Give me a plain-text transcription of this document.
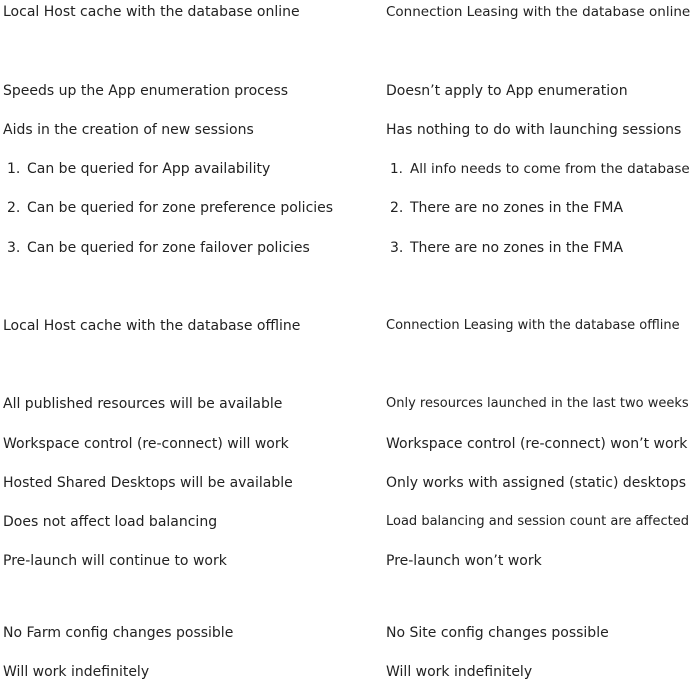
Local Host cache with the database online
Speeds up the App enumeration process
Aids in the creation of new sessions
1. Can be queried for App availability
2. Can be queried for zone preference policies
3. Can be queried for zone failover policies
Local Host cache with the database offline
All published resources will be available
Workspace control (re-connect) will work
Hosted Shared Desktops will be available
Does not affect load balancing
Pre-launch will continue to work
No Farm config changes possible
Will work indefinitely
Connection Leasing with the database online
Doesn’t apply to App enumeration
Has nothing to do with launching sessions
1. All info needs to come from the database
2. There are no zones in the FMA
3. There are no zones in the FMA
Connection Leasing with the database offline
Only resources launched in the last two weeks
Workspace control (re-connect) won’t work
Only works with assigned (static) desktops
Load balancing and session count are affected
Pre-launch won’t work
No Site config changes possible
Will work indefinitely
